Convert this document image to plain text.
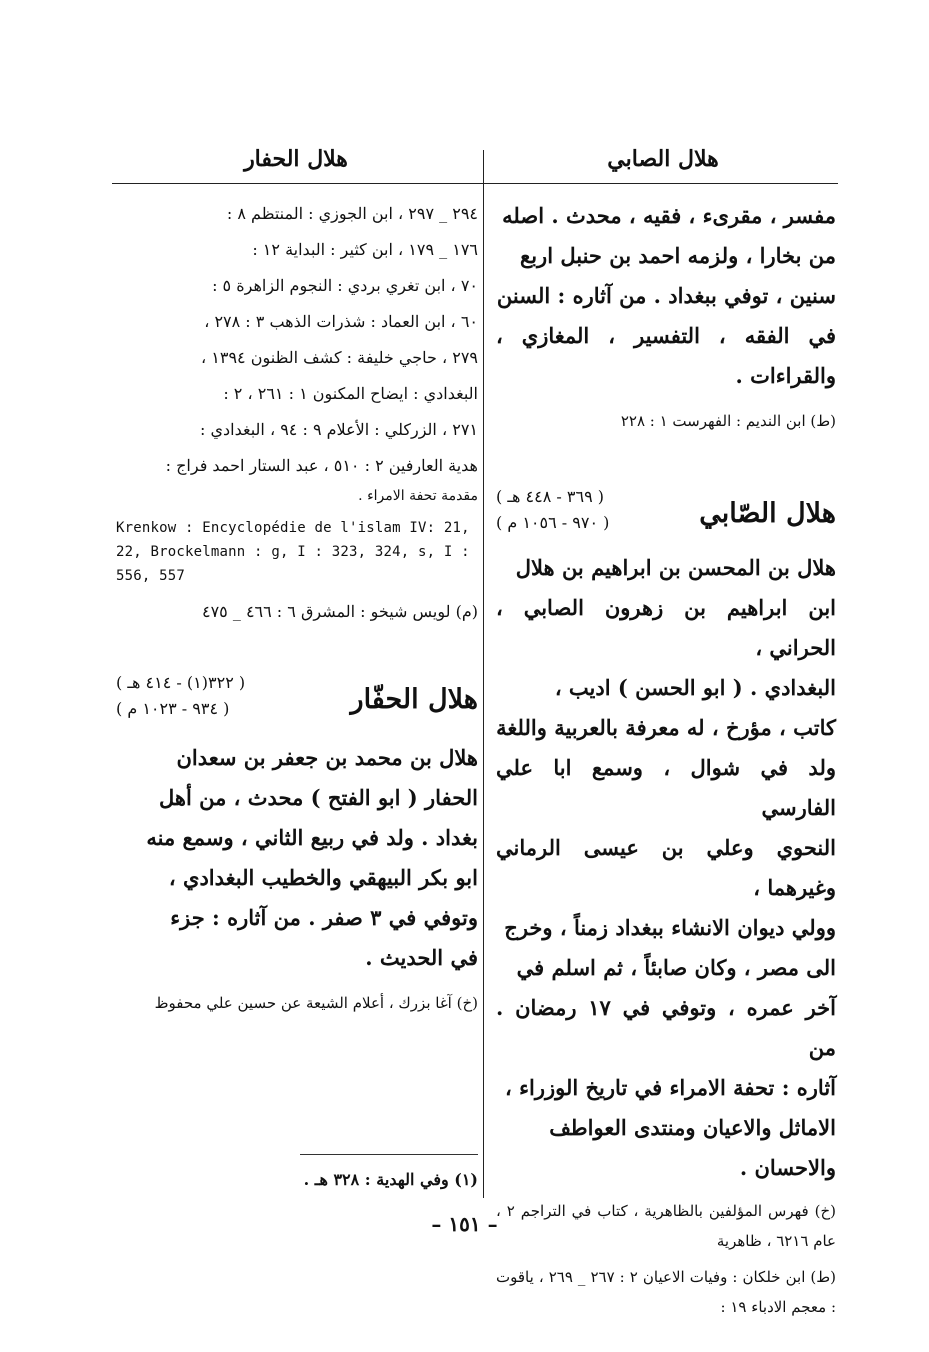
هلال الصابي
هلال الحفار

مفسر ، مقرىء ، فقيه ، محدث . اصله

من بخارا ، ولزمه احمد بن حنبل اربع

سنين ، توفي ببغداد . من آثاره : السنن

في الفقه ، التفسير ، المغازي ، والقراءات .

(ط) ابن النديم : الفهرست ١ : ٢٢٨

هلال الصّابي
( ٣٦٩ - ٤٤٨ هـ )
( ٩٧٠ - ١٠٥٦ م )

هلال بن المحسن بن ابراهيم بن هلال

ابن ابراهيم بن زهرون الصابي ، الحراني ،

البغدادي . ( ابو الحسن ) اديب ،

كاتب ، مؤرخ ، له معرفة بالعربية واللغة

ولد في شوال ، وسمع ابا علي الفارسي

النحوي وعلي بن عيسى الرماني وغيرهما ،

وولي ديوان الانشاء ببغداد زمناً ، وخرج

الى مصر ، وكان صابئاً ، ثم اسلم في

آخر عمره ، وتوفي في ١٧ رمضان . من

آثاره : تحفة الامراء في تاريخ الوزراء ،

الاماثل والاعيان ومنتدى العواطف

والاحسان .

(خ) فهرس المؤلفين بالظاهرية ، كتاب في التراجم ٢ ، عام ٦٢١٦ ، ظاهرية

(ط) ابن خلكان : وفيات الاعيان ٢ : ٢٦٧ _ ٢٦٩ ، ياقوت : معجم الادباء ١٩ :

٢٩٤ _ ٢٩٧ ، ابن الجوزي : المنتظم ٨ :

١٧٦ _ ١٧٩ ، ابن كثير : البداية ١٢ :

٧٠ ، ابن تغري بردي : النجوم الزاهرة ٥ :

٦٠ ، ابن العماد : شذرات الذهب ٣ : ٢٧٨ ،

٢٧٩ ، حاجي خليفة : كشف الظنون ١٣٩٤ ،

البغدادي : ايضاح المكنون ١ : ٢٦١ ، ٢ :

٢٧١ ، الزركلي : الأعلام ٩ : ٩٤ ، البغدادي :

هدية العارفين ٢ : ٥١٠ ، عبد الستار احمد فراج :

مقدمة تحفة الامراء .

Krenkow : Encyclopédie de l'islam IV: 21, 22, Brockelmann : g, I : 323, 324, s, I : 556, 557

(م) لويس شيخو : المشرق ٦ : ٤٦٦ _ ٤٧٥

هلال الحفّار
( ٣٢٢(١) - ٤١٤ هـ )
( ٩٣٤ - ١٠٢٣ م )

هلال بن محمد بن جعفر بن سعدان

الحفار ( ابو الفتح ) محدث ، من أهل

بغداد . ولد في ربيع الثاني ، وسمع منه

ابو بكر البيهقي والخطيب البغدادي ،

وتوفي في ٣ صفر . من آثاره : جزء

في الحديث .

(خ) آغا بزرك ، أعلام الشيعة عن حسين علي محفوظ

(١) وفي الهدية : ٣٢٨ هـ .
– ١٥١ –
